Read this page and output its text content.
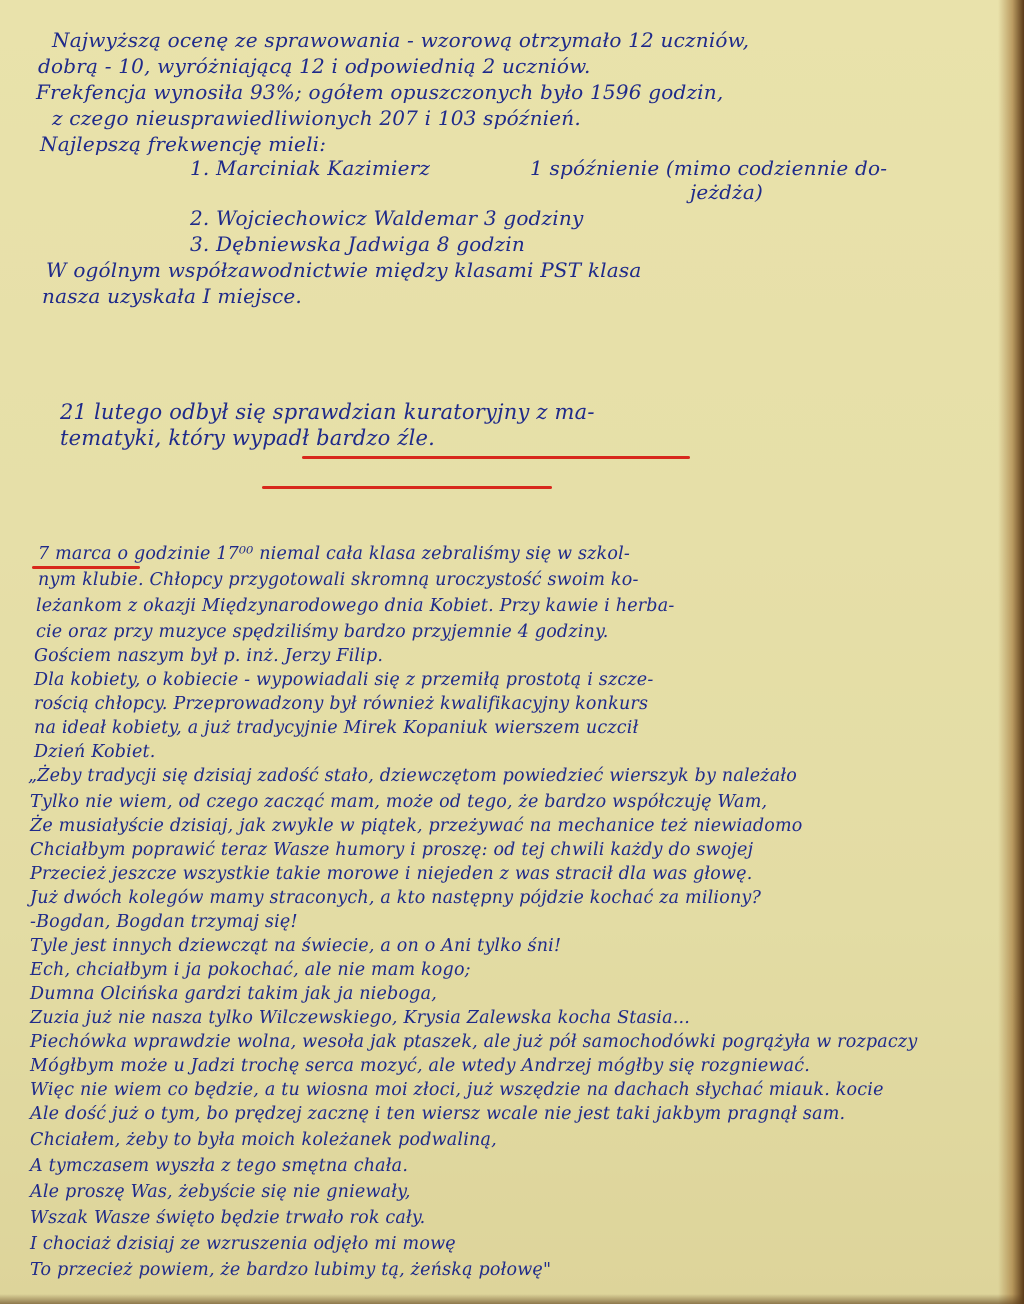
Najwyższą ocenę ze sprawowania - wzorową otrzymało 12 uczniów,
dobrą - 10, wyróżniającą 12 i odpowiednią 2 uczniów.
Frekfencja wynosiła 93%; ogółem opuszczonych było 1596 godzin,
z czego nieusprawiedliwionych 207 i 103 spóźnień.
Najlepszą frekwencję mieli:
1. Marciniak Kazimierz	1 spóźnienie (mimo codziennie do-
jeżdża)
2. Wojciechowicz Waldemar 3 godziny
3. Dębniewska Jadwiga 8 godzin
W ogólnym współzawodnictwie między klasami PST klasa
nasza uzyskała I miejsce.
21 lutego odbył się sprawdzian kuratoryjny z ma-
tematyki, który wypadł bardzo źle.
7 marca o godzinie 17⁰⁰ niemal cała klasa zebraliśmy się w szkol-
nym klubie. Chłopcy przygotowali skromną uroczystość swoim ko-
leżankom z okazji Międzynarodowego dnia Kobiet. Przy kawie i herba-
cie oraz przy muzyce spędziliśmy bardzo przyjemnie 4 godziny.
Gościem naszym był p. inż. Jerzy Filip.
Dla kobiety, o kobiecie - wypowiadali się z przemiłą prostotą i szcze-
rością chłopcy. Przeprowadzony był również kwalifikacyjny konkurs
na ideał kobiety, a już tradycyjnie Mirek Kopaniuk wierszem uczcił
Dzień Kobiet.
„Żeby tradycji się dzisiaj zadość stało, dziewczętom powiedzieć wierszyk by należało
Tylko nie wiem, od czego zacząć mam, może od tego, że bardzo współczuję Wam,
Że musiałyście dzisiaj, jak zwykle w piątek, przeżywać na mechanice też niewiadomo
Chciałbym poprawić teraz Wasze humory i proszę: od tej chwili każdy do swojej
Przecież jeszcze wszystkie takie morowe i niejeden z was stracił dla was głowę.
Już dwóch kolegów mamy straconych, a kto następny pójdzie kochać za miliony?
-Bogdan, Bogdan trzymaj się!
Tyle jest innych dziewcząt na świecie, a on o Ani tylko śni!
Ech, chciałbym i ja pokochać, ale nie mam kogo;
Dumna Olcińska gardzi takim jak ja nieboga,
Zuzia już nie nasza tylko Wilczewskiego, Krysia Zalewska kocha Stasia...
Piechówka wprawdzie wolna, wesoła jak ptaszek, ale już pół samochodówki pogrążyła w rozpaczy
Mógłbym może u Jadzi trochę serca mozyć, ale wtedy Andrzej mógłby się rozgniewać.
Więc nie wiem co będzie, a tu wiosna moi złoci, już wszędzie na dachach słychać miauk. kocie
Ale dość już o tym, bo prędzej zacznę i ten wiersz wcale nie jest taki jakbym pragnął sam.
Chciałem, żeby to była moich koleżanek podwaliną,
A tymczasem wyszła z tego smętna chała.
Ale proszę Was, żebyście się nie gniewały,
Wszak Wasze święto będzie trwało rok cały.
I chociaż dzisiaj ze wzruszenia odjęło mi mowę
To przecież powiem, że bardzo lubimy tą, żeńską połowę"
